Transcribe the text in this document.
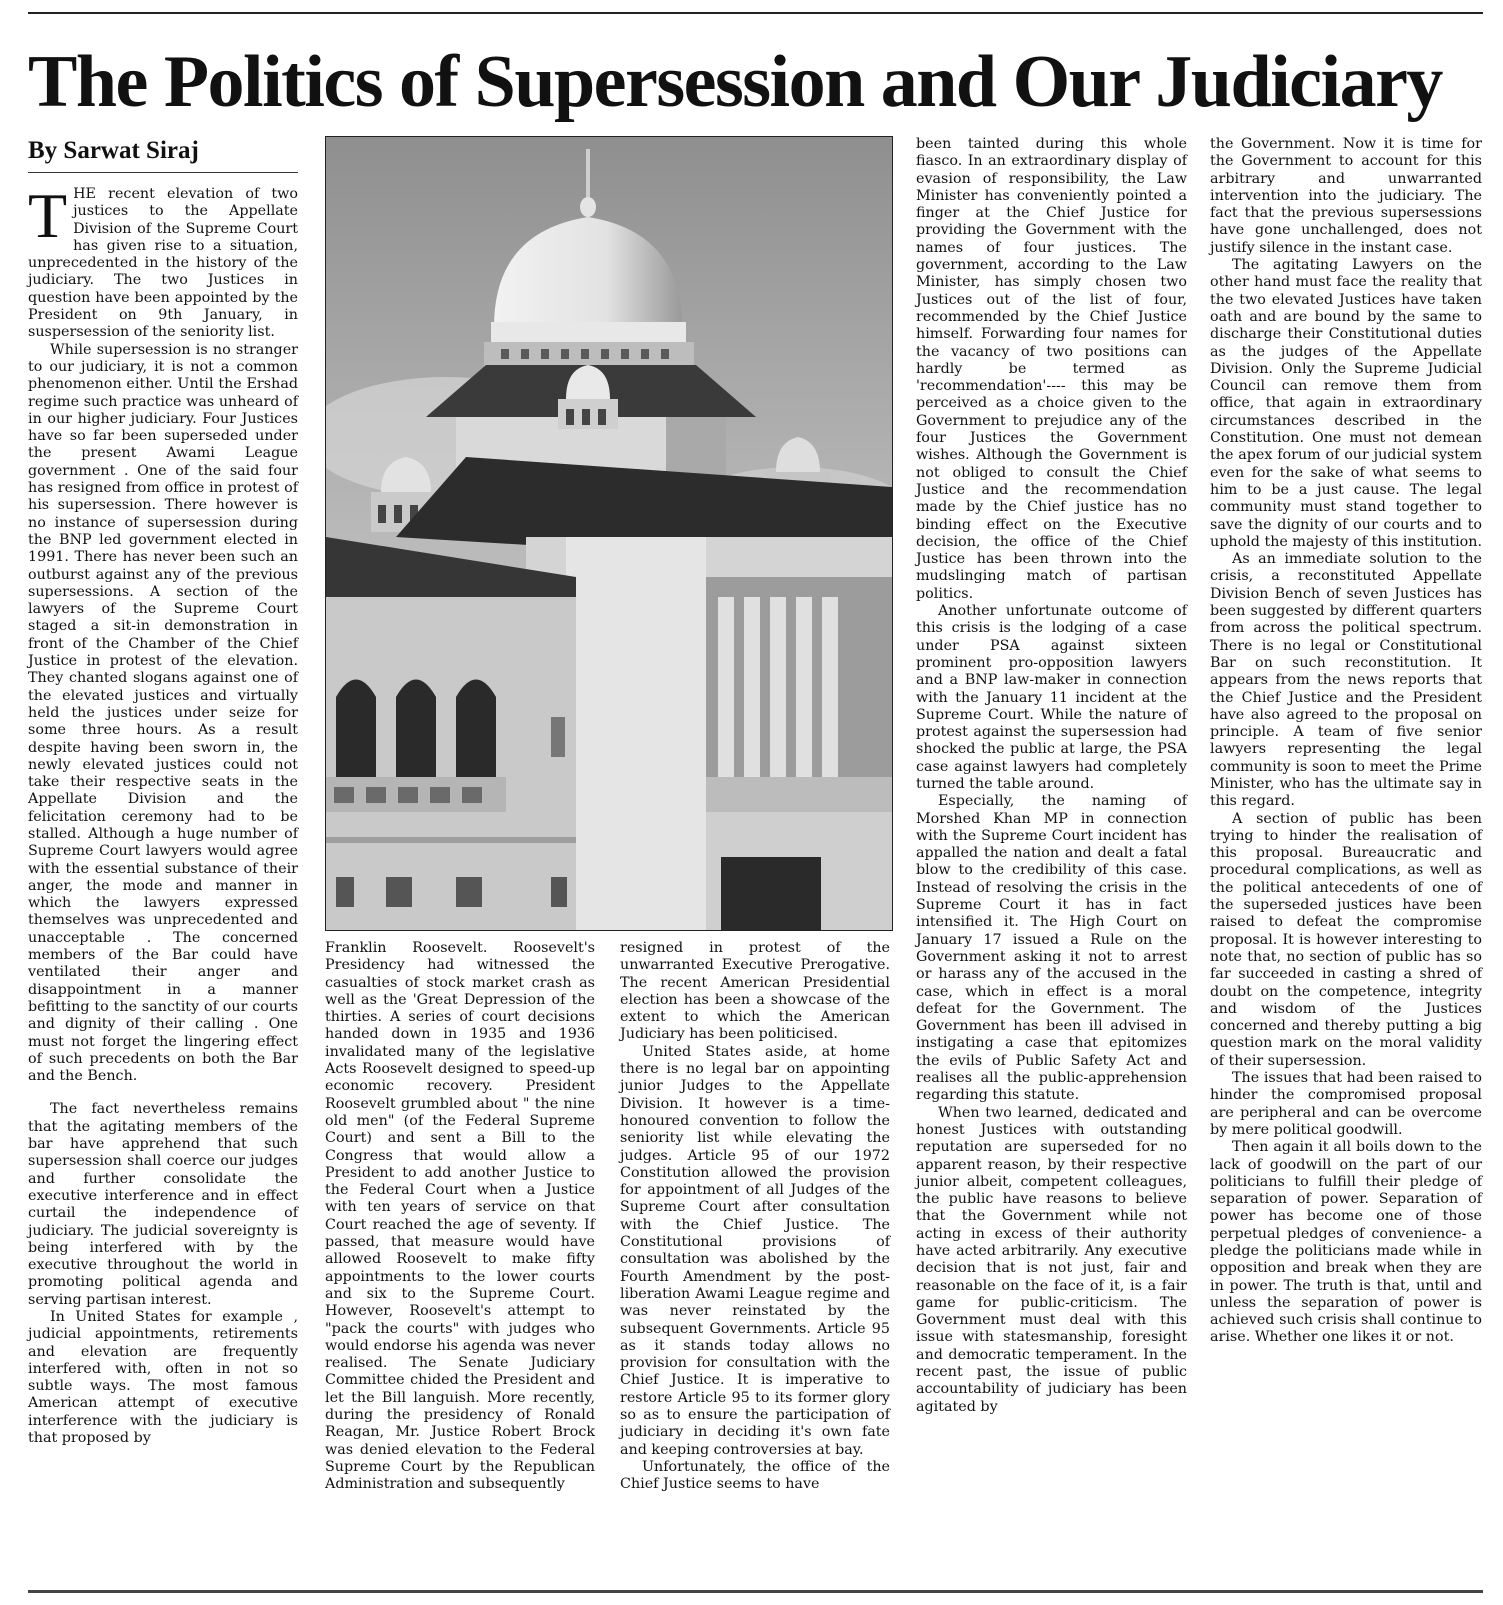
The Politics of Supersession and Our Judiciary
By Sarwat Siraj

THE recent elevation of two justices to the Appellate Division of the Supreme Court has given rise to a situation, unprecedented in the history of the judiciary. The two Justices in question have been appointed by the President on 9th January, in suspersession of the seniority list.

While supersession is no stranger to our judiciary, it is not a common phenomenon either. Until the Ershad regime such practice was unheard of in our higher judiciary. Four Justices have so far been superseded under the present Awami League government . One of the said four has resigned from office in protest of his supersession. There however is no instance of supersession during the BNP led government elected in 1991. There has never been such an outburst against any of the previous supersessions. A section of the lawyers of the Supreme Court staged a sit-in demonstration in front of the Chamber of the Chief Justice in protest of the elevation. They chanted slogans against one of the elevated justices and virtually held the justices under seize for some three hours. As a result despite having been sworn in, the newly elevated justices could not take their respective seats in the Appellate Division and the felicitation ceremony had to be stalled. Although a huge number of Supreme Court lawyers would agree with the essential substance of their anger, the mode and manner in which the lawyers expressed themselves was unprecedented and unacceptable . The concerned members of the Bar could have ventilated their anger and disappointment in a manner befitting to the sanctity of our courts and dignity of their calling . One must not forget the lingering effect of such precedents on both the Bar and the Bench.

The fact nevertheless remains that the agitating members of the bar have apprehend that such supersession shall coerce our judges and further consolidate the executive interference and in effect curtail the independence of judiciary. The judicial sovereignty is being interfered with by the executive throughout the world in promoting political agenda and serving partisan interest.

In United States for example , judicial appointments, retirements and elevation are frequently interfered with, often in not so subtle ways. The most famous American attempt of executive interference with the judiciary is that proposed by

Franklin Roosevelt. Roosevelt's Presidency had witnessed the casualties of stock market crash as well as the 'Great Depression of the thirties. A series of court decisions handed down in 1935 and 1936 invalidated many of the legislative Acts Roosevelt designed to speed-up economic recovery. President Roosevelt grumbled about " the nine old men" (of the Federal Supreme Court) and sent a Bill to the Congress that would allow a President to add another Justice to the Federal Court when a Justice with ten years of service on that Court reached the age of seventy. If passed, that measure would have allowed Roosevelt to make fifty appointments to the lower courts and six to the Supreme Court. However, Roosevelt's attempt to "pack the courts" with judges who would endorse his agenda was never realised. The Senate Judiciary Committee chided the President and let the Bill languish. More recently, during the presidency of Ronald Reagan, Mr. Justice Robert Brock was denied elevation to the Federal Supreme Court by the Republican Administration and subsequently

resigned in protest of the unwarranted Executive Prerogative. The recent American Presidential election has been a showcase of the extent to which the American Judiciary has been politicised.

United States aside, at home there is no legal bar on appointing junior Judges to the Appellate Division. It however is a time-honoured convention to follow the seniority list while elevating the judges. Article 95 of our 1972 Constitution allowed the provision for appointment of all Judges of the Supreme Court after consultation with the Chief Justice. The Constitutional provisions of consultation was abolished by the Fourth Amendment by the post- liberation Awami League regime and was never reinstated by the subsequent Governments. Article 95 as it stands today allows no provision for consultation with the Chief Justice. It is imperative to restore Article 95 to its former glory so as to ensure the participation of judiciary in deciding it's own fate and keeping controversies at bay.

Unfortunately, the office of the Chief Justice seems to have

been tainted during this whole fiasco. In an extraordinary display of evasion of responsibility, the Law Minister has conveniently pointed a finger at the Chief Justice for providing the Government with the names of four justices. The government, according to the Law Minister, has simply chosen two Justices out of the list of four, recommended by the Chief Justice himself. Forwarding four names for the vacancy of two positions can hardly be termed as 'recommendation'---- this may be perceived as a choice given to the Government to prejudice any of the four Justices the Government wishes. Although the Government is not obliged to consult the Chief Justice and the recommendation made by the Chief justice has no binding effect on the Executive decision, the office of the Chief Justice has been thrown into the mudslinging match of partisan politics.

Another unfortunate outcome of this crisis is the lodging of a case under PSA against sixteen prominent pro-opposition lawyers and a BNP law-maker in connection with the January 11 incident at the Supreme Court. While the nature of protest against the supersession had shocked the public at large, the PSA case against lawyers had completely turned the table around.

Especially, the naming of Morshed Khan MP in connection with the Supreme Court incident has appalled the nation and dealt a fatal blow to the credibility of this case. Instead of resolving the crisis in the Supreme Court it has in fact intensified it. The High Court on January 17 issued a Rule on the Government asking it not to arrest or harass any of the accused in the case, which in effect is a moral defeat for the Government. The Government has been ill advised in instigating a case that epitomizes the evils of Public Safety Act and realises all the public-apprehension regarding this statute.

When two learned, dedicated and honest Justices with outstanding reputation are superseded for no apparent reason, by their respective junior albeit, competent colleagues, the public have reasons to believe that the Government while not acting in excess of their authority have acted arbitrarily. Any executive decision that is not just, fair and reasonable on the face of it, is a fair game for public-criticism. The Government must deal with this issue with statesmanship, foresight and democratic temperament. In the recent past, the issue of public accountability of judiciary has been agitated by

the Government. Now it is time for the Government to account for this arbitrary and unwarranted intervention into the judiciary. The fact that the previous supersessions have gone unchallenged, does not justify silence in the instant case.

The agitating Lawyers on the other hand must face the reality that the two elevated Justices have taken oath and are bound by the same to discharge their Constitutional duties as the judges of the Appellate Division. Only the Supreme Judicial Council can remove them from office, that again in extraordinary circumstances described in the Constitution. One must not demean the apex forum of our judicial system even for the sake of what seems to him to be a just cause. The legal community must stand together to save the dignity of our courts and to uphold the majesty of this institution.

As an immediate solution to the crisis, a reconstituted Appellate Division Bench of seven Justices has been suggested by different quarters from across the political spectrum. There is no legal or Constitutional Bar on such reconstitution. It appears from the news reports that the Chief Justice and the President have also agreed to the proposal on principle. A team of five senior lawyers representing the legal community is soon to meet the Prime Minister, who has the ultimate say in this regard.

A section of public has been trying to hinder the realisation of this proposal. Bureaucratic and procedural complications, as well as the political antecedents of one of the superseded justices have been raised to defeat the compromise proposal. It is however interesting to note that, no section of public has so far succeeded in casting a shred of doubt on the competence, integrity and wisdom of the Justices concerned and thereby putting a big question mark on the moral validity of their supersession.

The issues that had been raised to hinder the compromised proposal are peripheral and can be overcome by mere political goodwill.

Then again it all boils down to the lack of goodwill on the part of our politicians to fulfill their pledge of separation of power. Separation of power has become one of those perpetual pledges of convenience- a pledge the politicians made while in opposition and break when they are in power. The truth is that, until and unless the separation of power is achieved such crisis shall continue to arise. Whether one likes it or not.
